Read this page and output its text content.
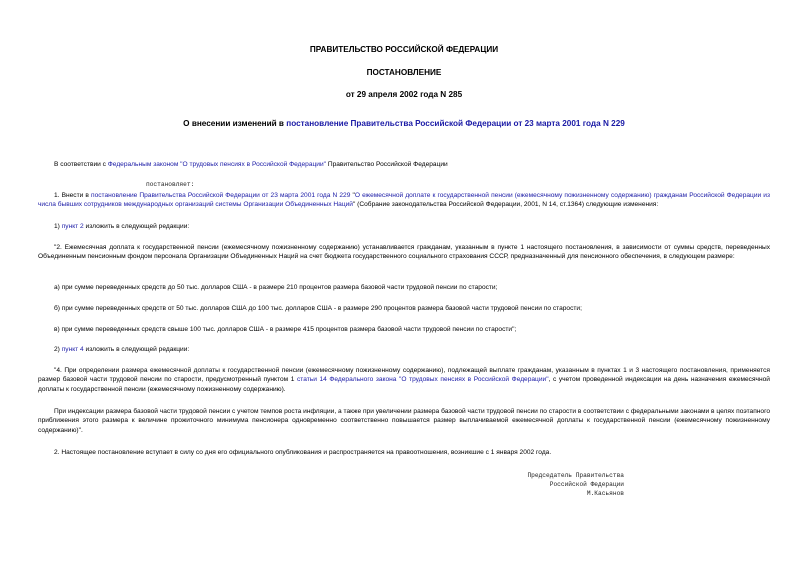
ПРАВИТЕЛЬСТВО РОССИЙСКОЙ ФЕДЕРАЦИИ
ПОСТАНОВЛЕНИЕ
от 29 апреля 2002 года N 285
О внесении изменений в постановление Правительства Российской Федерации от 23 марта 2001 года N 229

В соответствии с Федеральным законом "О трудовых пенсиях в Российской Федерации" Правительство Российской Федерации

постановляет:

1. Внести в постановление Правительства Российской Федерации от 23 марта 2001 года N 229 "О ежемесячной доплате к государственной пенсии (ежемесячному пожизненному содержанию) гражданам Российской Федерации из числа бывших сотрудников международных организаций системы Организации Объединенных Наций" (Собрание законодательства Российской Федерации, 2001, N 14, ст.1364) следующие изменения:

1) пункт 2 изложить в следующей редакции:

"2. Ежемесячная доплата к государственной пенсии (ежемесячному пожизненному содержанию) устанавливается гражданам, указанным в пункте 1 настоящего постановления, в зависимости от суммы средств, переведенных Объединенным пенсионным фондом персонала Организации Объединенных Наций на счет бюджета государственного социального страхования СССР, предназначенный для пенсионного обеспечения, в следующем размере:

а) при сумме переведенных средств до 50 тыс. долларов США - в размере 210 процентов размера базовой части трудовой пенсии по старости;

б) при сумме переведенных средств от 50 тыс. долларов США до 100 тыс. долларов США - в размере 290 процентов размера базовой части трудовой пенсии по старости;

в) при сумме переведенных средств свыше 100 тыс. долларов США - в размере 415 процентов размера базовой части трудовой пенсии по старости";

2) пункт 4 изложить в следующей редакции:

"4. При определении размера ежемесячной доплаты к государственной пенсии (ежемесячному пожизненному содержанию), подлежащей выплате гражданам, указанным в пунктах 1 и 3 настоящего постановления, применяется размер базовой части трудовой пенсии по старости, предусмотренный пунктом 1 статьи 14 Федерального закона "О трудовых пенсиях в Российской Федерации", с учетом проведенной индексации на день назначения ежемесячной доплаты к государственной пенсии (ежемесячному пожизненному содержанию).

При индексации размера базовой части трудовой пенсии с учетом темпов роста инфляции, а также при увеличении размера базовой части трудовой пенсии по старости в соответствии с федеральными законами в целях поэтапного приближения этого размера к величине прожиточного минимума пенсионера одновременно соответственно повышается размер выплачиваемой ежемесячной доплаты к государственной пенсии (ежемесячному пожизненному содержанию)".

2. Настоящее постановление вступает в силу со дня его официального опубликования и распространяется на правоотношения, возникшие с 1 января 2002 года.

Председатель Правительства
Российской Федерации
М.Касьянов
